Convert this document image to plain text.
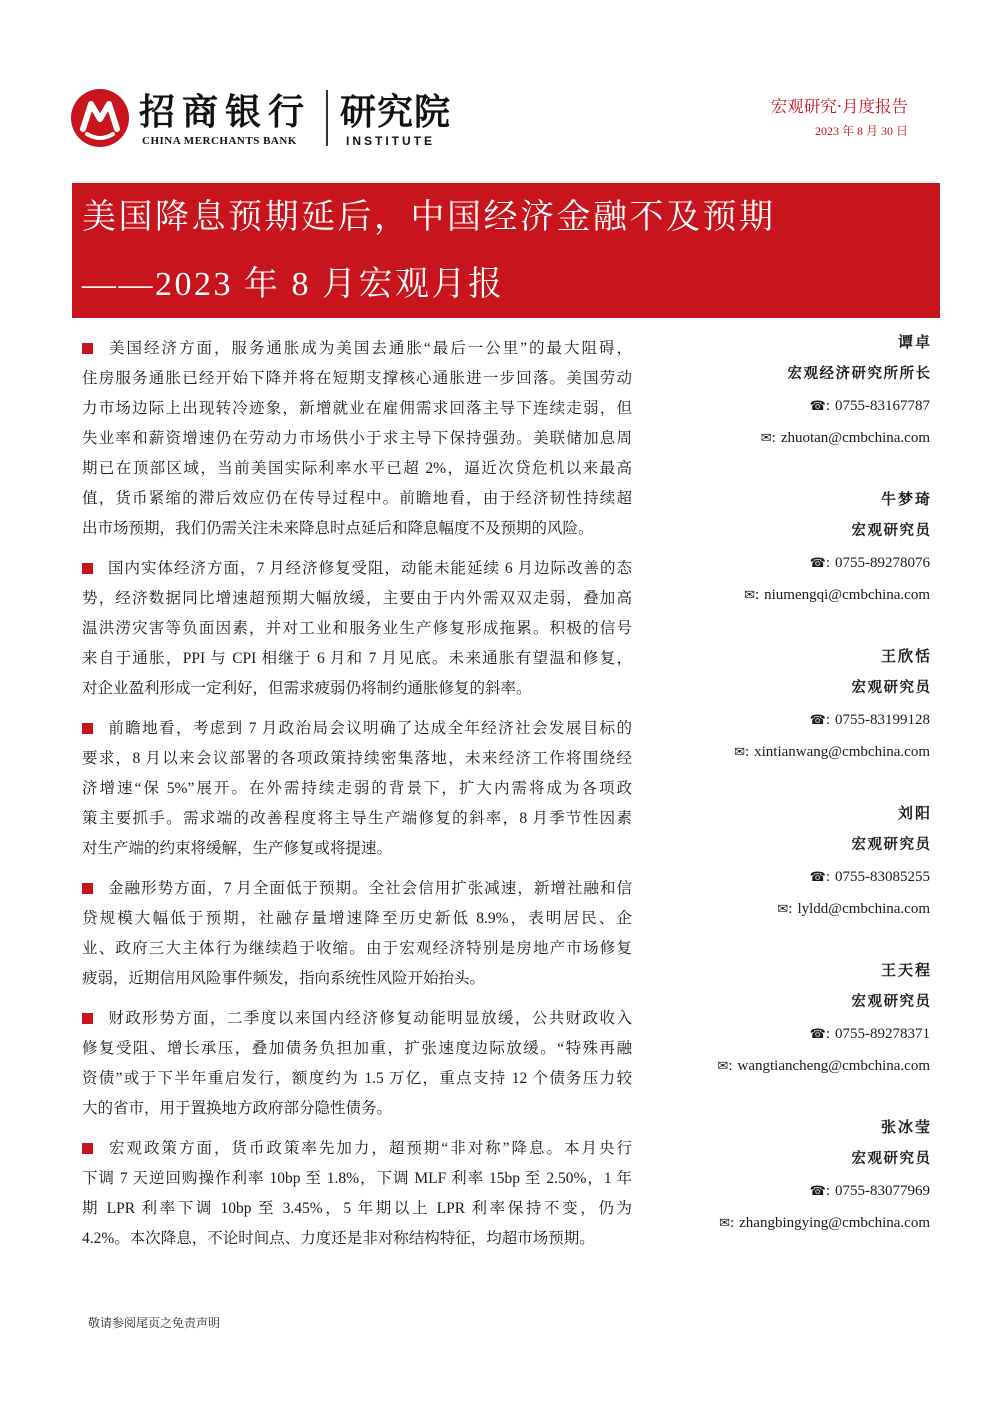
招商银行
CHINA MERCHANTS BANK
研究院
INSTITUTE
宏观研究·月度报告
2023 年 8 月 30 日
美国降息预期延后，中国经济金融不及预期
——2023 年 8 月宏观月报
美国经济方面，服务通胀成为美国去通胀“最后一公里”的最大阻碍，
住房服务通胀已经开始下降并将在短期支撑核心通胀进一步回落。美国劳动
力市场边际上出现转冷迹象，新增就业在雇佣需求回落主导下连续走弱，但
失业率和薪资增速仍在劳动力市场供小于求主导下保持强劲。美联储加息周
期已在顶部区域，当前美国实际利率水平已超 2%，逼近次贷危机以来最高
值，货币紧缩的滞后效应仍在传导过程中。前瞻地看，由于经济韧性持续超
出市场预期，我们仍需关注未来降息时点延后和降息幅度不及预期的风险。
国内实体经济方面，7 月经济修复受阻，动能未能延续 6 月边际改善的态
势，经济数据同比增速超预期大幅放缓，主要由于内外需双双走弱，叠加高
温洪涝灾害等负面因素，并对工业和服务业生产修复形成拖累。积极的信号
来自于通胀，PPI 与 CPI 相继于 6 月和 7 月见底。未来通胀有望温和修复，
对企业盈利形成一定利好，但需求疲弱仍将制约通胀修复的斜率。
前瞻地看，考虑到 7 月政治局会议明确了达成全年经济社会发展目标的
要求，8 月以来会议部署的各项政策持续密集落地，未来经济工作将围绕经
济增速“保 5%”展开。在外需持续走弱的背景下，扩大内需将成为各项政
策主要抓手。需求端的改善程度将主导生产端修复的斜率，8 月季节性因素
对生产端的约束将缓解，生产修复或将提速。
金融形势方面，7 月全面低于预期。全社会信用扩张减速，新增社融和信
贷规模大幅低于预期，社融存量增速降至历史新低 8.9%，表明居民、企
业、政府三大主体行为继续趋于收缩。由于宏观经济特别是房地产市场修复
疲弱，近期信用风险事件频发，指向系统性风险开始抬头。
财政形势方面，二季度以来国内经济修复动能明显放缓，公共财政收入
修复受阻、增长承压，叠加债务负担加重，扩张速度边际放缓。“特殊再融
资债”或于下半年重启发行，额度约为 1.5 万亿，重点支持 12 个债务压力较
大的省市，用于置换地方政府部分隐性债务。
宏观政策方面，货币政策率先加力，超预期“非对称”降息。本月央行
下调 7 天逆回购操作利率 10bp 至 1.8%，下调 MLF 利率 15bp 至 2.50%，1 年
期 LPR 利率下调 10bp 至 3.45%，5 年期以上 LPR 利率保持不变，仍为
4.2%。本次降息，不论时间点、力度还是非对称结构特征，均超市场预期。
谭卓
宏观经济研究所所长
☎: 0755-83167787
✉: zhuotan@cmbchina.com
牛梦琦
宏观研究员
☎: 0755-89278076
✉: niumengqi@cmbchina.com
王欣恬
宏观研究员
☎: 0755-83199128
✉: xintianwang@cmbchina.com
刘阳
宏观研究员
☎: 0755-83085255
✉: lyldd@cmbchina.com
王天程
宏观研究员
☎: 0755-89278371
✉: wangtiancheng@cmbchina.com
张冰莹
宏观研究员
☎: 0755-83077969
✉: zhangbingying@cmbchina.com
敬请参阅尾页之免责声明
